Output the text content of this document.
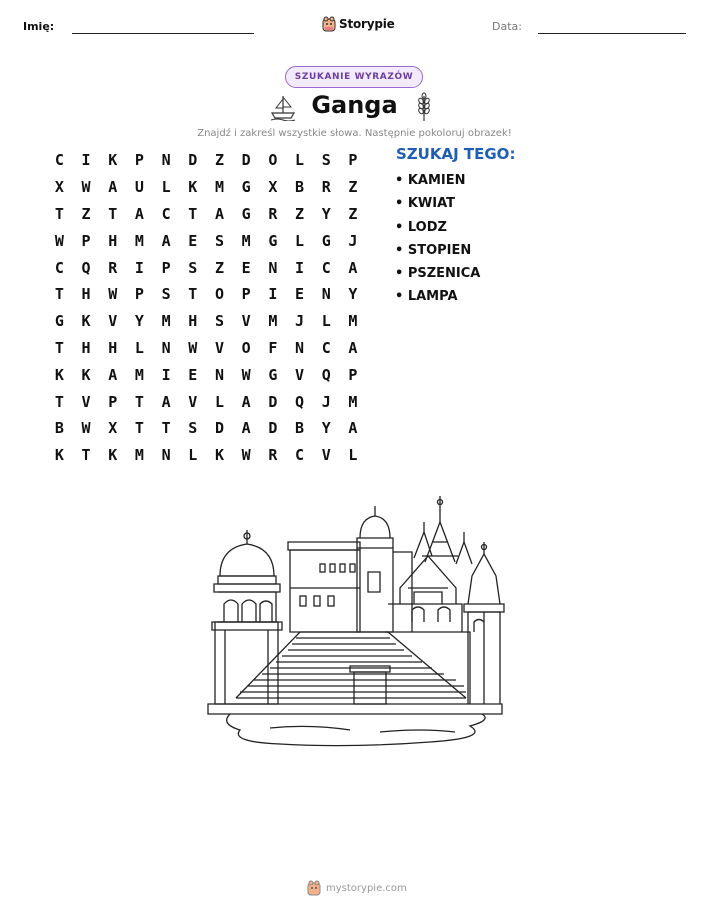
Imię:	Storypie	Data:
SZUKANIE WYRAZÓW
Ganga
Znajdź i zakreśl wszystkie słowa. Następnie pokoloruj obrazek!
C	I	K	P	N	D	Z	D	O	L	S	P
X	W	A	U	L	K	M	G	X	B	R	Z
T	Z	T	A	C	T	A	G	R	Z	Y	Z
W	P	H	M	A	E	S	M	G	L	G	J
C	Q	R	I	P	S	Z	E	N	I	C	A
T	H	W	P	S	T	O	P	I	E	N	Y
G	K	V	Y	M	H	S	V	M	J	L	M
T	H	H	L	N	W	V	O	F	N	C	A
K	K	A	M	I	E	N	W	G	V	Q	P
T	V	P	T	A	V	L	A	D	Q	J	M
B	W	X	T	T	S	D	A	D	B	Y	A
K	T	K	M	N	L	K	W	R	C	V	L
SZUKAJ TEGO:
• KAMIEN
• KWIAT
• LODZ
• STOPIEN
• PSZENICA
• LAMPA
mystorypie.com
